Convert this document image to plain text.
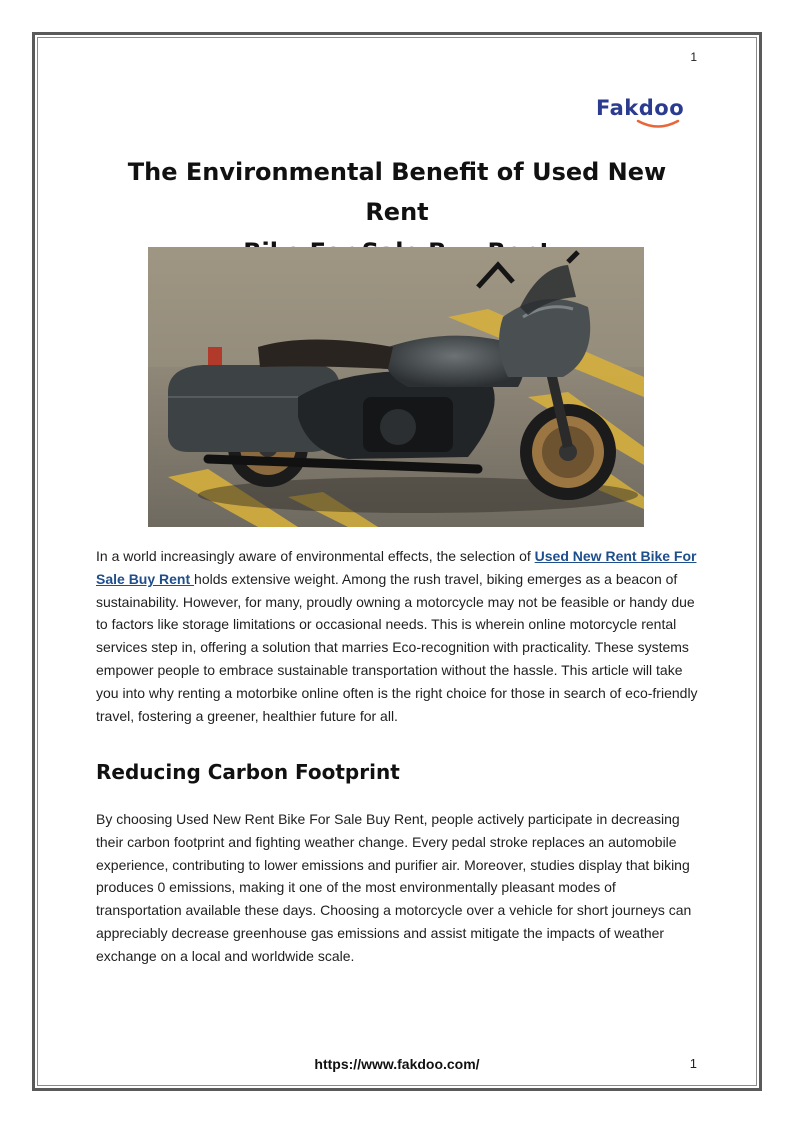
1
Fakdoo
The Environmental Benefit of Used New Rent
In a world increasingly aware of environmental effects, the selection of Used New Rent Bike For Sale Buy Rent holds extensive weight. Among the rush travel, biking emerges as a beacon of sustainability. However, for many, proudly owning a motorcycle may not be feasible or handy due to factors like storage limitations or occasional needs. This is wherein online motorcycle rental services step in, offering a solution that marries Eco-recognition with practicality. These systems empower people to embrace sustainable transportation without the hassle. This article will take you into why renting a motorbike online often is the right choice for those in search of eco-friendly travel, fostering a greener, healthier future for all.
Reducing Carbon Footprint
By choosing Used New Rent Bike For Sale Buy Rent, people actively participate in decreasing their carbon footprint and fighting weather change. Every pedal stroke replaces an automobile experience, contributing to lower emissions and purifier air. Moreover, studies display that biking produces 0 emissions, making it one of the most environmentally pleasant modes of transportation available these days. Choosing a motorcycle over a vehicle for short journeys can appreciably decrease greenhouse gas emissions and assist mitigate the impacts of weather exchange on a local and worldwide scale.
https://www.fakdoo.com/	1
